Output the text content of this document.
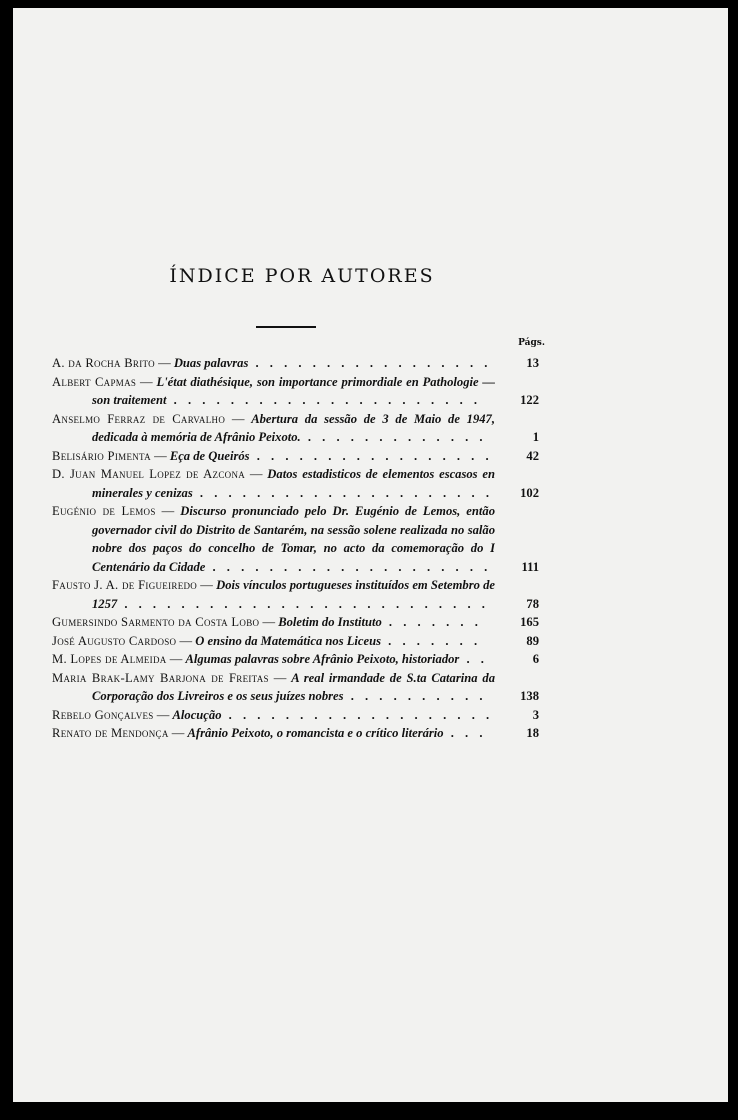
ÍNDICE POR AUTORES
Págs.
A. da Rocha Brito — Duas palavras . . . . . . . . . . . . . . . . .	13
Albert Capmas — L'état diathésique, son importance primordiale en Pathologie — son traitement . . . . . . . . . . . . . . . . . . . . . .	122
Anselmo Ferraz de Carvalho — Abertura da sessão de 3 de Maio de 1947, dedicada à memória de Afrânio Peixoto. . . . . . . . . . . . . .	1
Belisário Pimenta — Eça de Queirós . . . . . . . . . . . . . . . . .	42
D. Juan Manuel Lopez de Azcona — Datos estadisticos de elementos escasos en minerales y cenizas . . . . . . . . . . . . . . . . . . . . .	102
Eugénio de Lemos — Discurso pronunciado pelo Dr. Eugénio de Lemos, então governador civil do Distrito de Santarém, na sessão solene realizada no salão nobre dos paços do concelho de Tomar, no acto da comemoração do I Centenário da Cidade . . . . . . . . . . . . . . . . . . . .	111
Fausto J. A. de Figueiredo — Dois vínculos portugueses instituídos em Setembro de 1257 . . . . . . . . . . . . . . . . . . . . . . . . . .	78
Gumersindo Sarmento da Costa Lobo — Boletim do Instituto . . . . . . .	165
José Augusto Cardoso — O ensino da Matemática nos Liceus . . . . . . .	89
M. Lopes de Almeida — Algumas palavras sobre Afrânio Peixoto, historiador . .	6
Maria Brak-Lamy Barjona de Freitas — A real irmandade de S.ta Catarina da Corporação dos Livreiros e os seus juízes nobres . . . . . . . . . .	138
Rebelo Gonçalves — Alocução . . . . . . . . . . . . . . . . . . .	3
Renato de Mendonça — Afrânio Peixoto, o romancista e o crítico literário . . .	18
